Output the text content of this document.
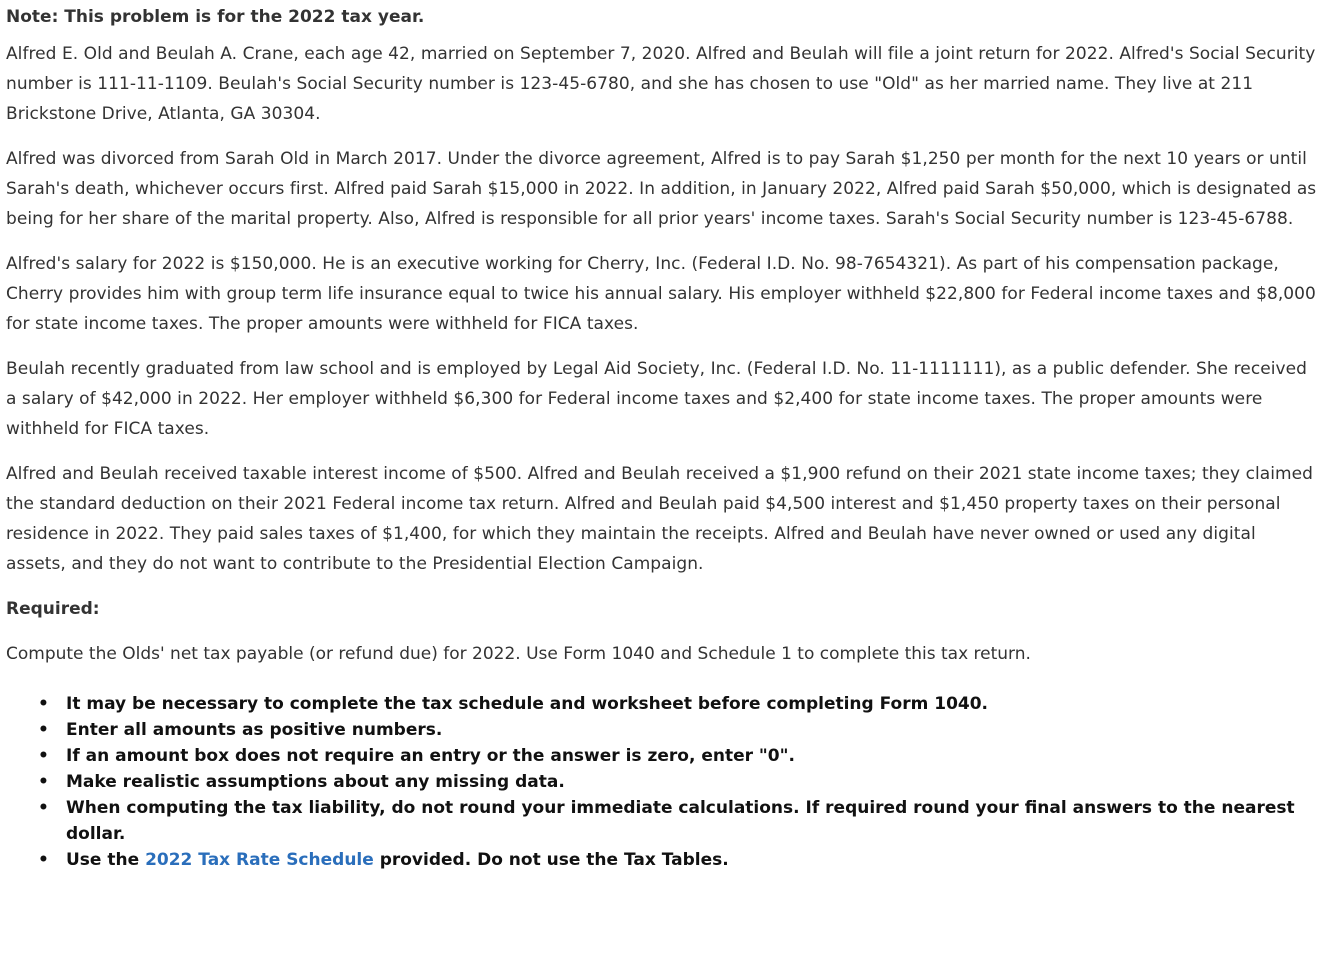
Note: This problem is for the 2022 tax year.

Alfred E. Old and Beulah A. Crane, each age 42, married on September 7, 2020. Alfred and Beulah will file a joint return for 2022. Alfred's Social Security number is 111-11-1109. Beulah's Social Security number is 123-45-6780, and she has chosen to use "Old" as her married name. They live at 211 Brickstone Drive, Atlanta, GA 30304.

Alfred was divorced from Sarah Old in March 2017. Under the divorce agreement, Alfred is to pay Sarah $1,250 per month for the next 10 years or until Sarah's death, whichever occurs first. Alfred paid Sarah $15,000 in 2022. In addition, in January 2022, Alfred paid Sarah $50,000, which is designated as being for her share of the marital property. Also, Alfred is responsible for all prior years' income taxes. Sarah's Social Security number is 123-45-6788.

Alfred's salary for 2022 is $150,000. He is an executive working for Cherry, Inc. (Federal I.D. No. 98-7654321). As part of his compensation package, Cherry provides him with group term life insurance equal to twice his annual salary. His employer withheld $22,800 for Federal income taxes and $8,000 for state income taxes. The proper amounts were withheld for FICA taxes.

Beulah recently graduated from law school and is employed by Legal Aid Society, Inc. (Federal I.D. No. 11-1111111), as a public defender. She received a salary of $42,000 in 2022. Her employer withheld $6,300 for Federal income taxes and $2,400 for state income taxes. The proper amounts were withheld for FICA taxes.

Alfred and Beulah received taxable interest income of $500. Alfred and Beulah received a $1,900 refund on their 2021 state income taxes; they claimed the standard deduction on their 2021 Federal income tax return. Alfred and Beulah paid $4,500 interest and $1,450 property taxes on their personal residence in 2022. They paid sales taxes of $1,400, for which they maintain the receipts. Alfred and Beulah have never owned or used any digital assets, and they do not want to contribute to the Presidential Election Campaign.

Required:

Compute the Olds' net tax payable (or refund due) for 2022. Use Form 1040 and Schedule 1 to complete this tax return.

• It may be necessary to complete the tax schedule and worksheet before completing Form 1040.
• Enter all amounts as positive numbers.
• If an amount box does not require an entry or the answer is zero, enter "0".
• Make realistic assumptions about any missing data.
• When computing the tax liability, do not round your immediate calculations. If required round your final answers to the nearest dollar.
• Use the 2022 Tax Rate Schedule provided. Do not use the Tax Tables.
